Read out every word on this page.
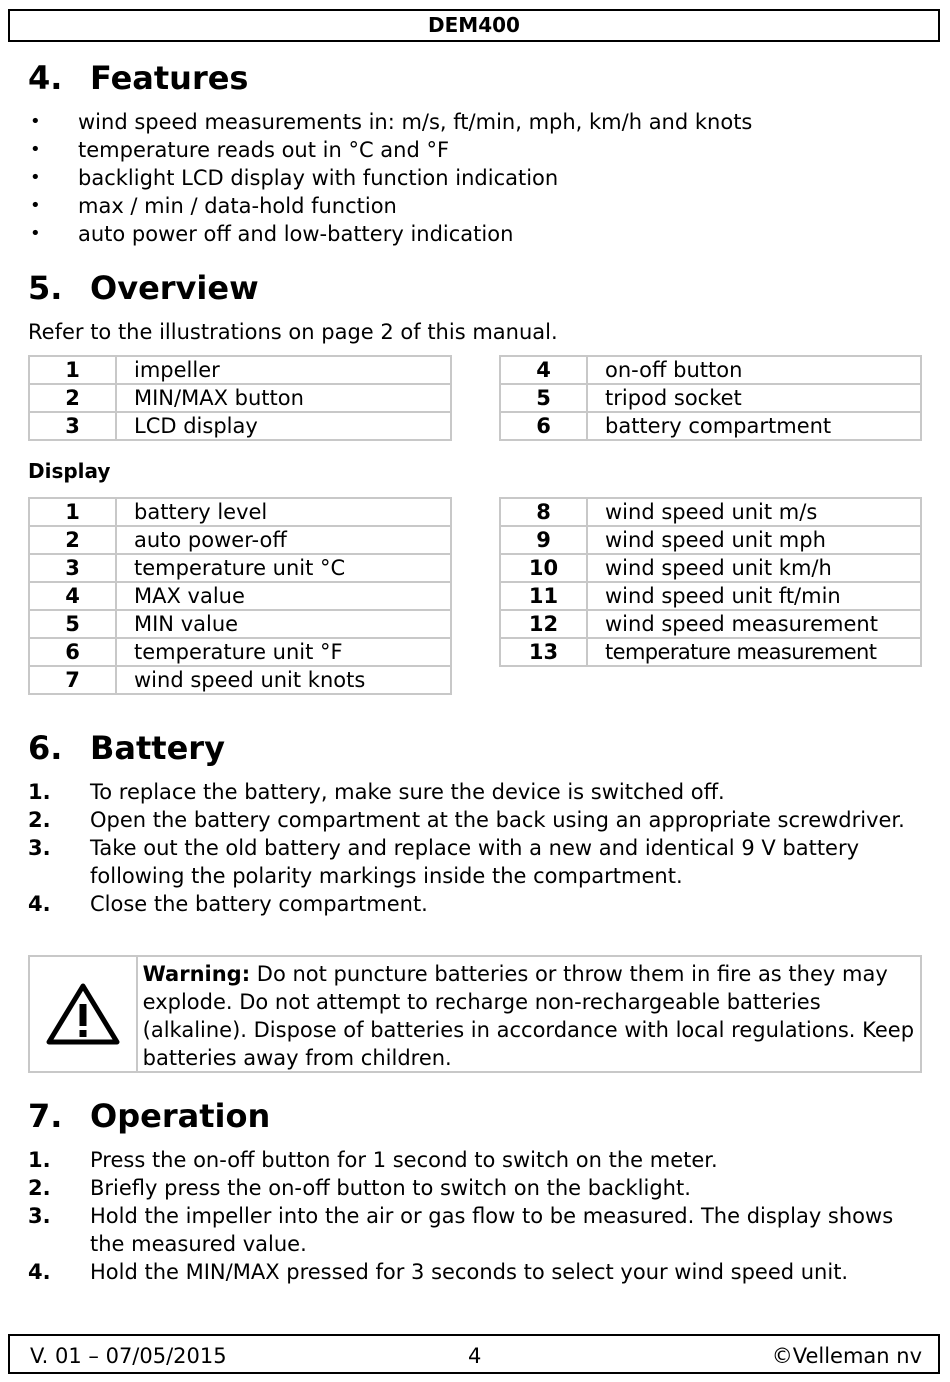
DEM400
4. Features
• wind speed measurements in: m/s, ft/min, mph, km/h and knots
• temperature reads out in °C and °F
• backlight LCD display with function indication
• max / min / data-hold function
• auto power off and low-battery indication
5. Overview
Refer to the illustrations on page 2 of this manual.
1	impeller
2	MIN/MAX button
3	LCD display
4	on-off button
5	tripod socket
6	battery compartment
Display
1	battery level
2	auto power-off
3	temperature unit °C
4	MAX value
5	MIN value
6	temperature unit °F
7	wind speed unit knots
8	wind speed unit m/s
9	wind speed unit mph
10	wind speed unit km/h
11	wind speed unit ft/min
12	wind speed measurement
13	temperature measurement
6. Battery
1. To replace the battery, make sure the device is switched off.
2. Open the battery compartment at the back using an appropriate screwdriver.
3. Take out the old battery and replace with a new and identical 9 V battery following the polarity markings inside the compartment.
4. Close the battery compartment.
Warning: Do not puncture batteries or throw them in fire as they may explode. Do not attempt to recharge non-rechargeable batteries (alkaline). Dispose of batteries in accordance with local regulations. Keep batteries away from children.
7. Operation
1. Press the on-off button for 1 second to switch on the meter.
2. Briefly press the on-off button to switch on the backlight.
3. Hold the impeller into the air or gas flow to be measured. The display shows the measured value.
4. Hold the MIN/MAX pressed for 3 seconds to select your wind speed unit.
V. 01 – 07/05/2015	4	©Velleman nv
